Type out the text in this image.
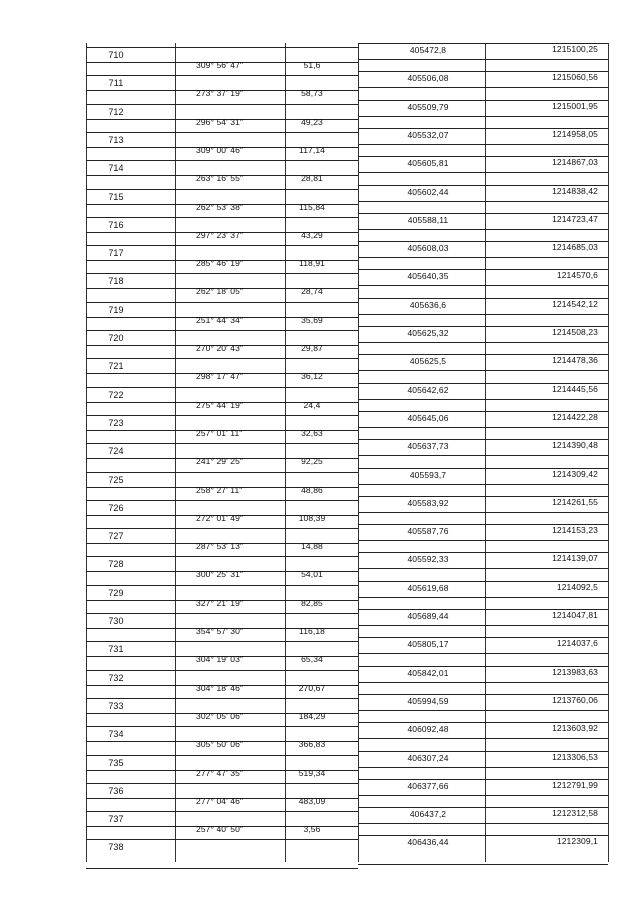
710	405472,8	1215100,25
711	405506,08	1215060,56
712	405509,79	1215001,95
713	405532,07	1214958,05
714	405605,81	1214867,03
715	405602,44	1214838,42
716	405588,11	1214723,47
717	405608,03	1214685,03
718	405640,35	1214570,6
719	405636,6	1214542,12
720	405625,32	1214508,23
721	405625,5	1214478,36
722	405642,62	1214445,56
723	405645,06	1214422,28
724	405637,73	1214390,48
725	405593,7	1214309,42
726	405583,92	1214261,55
727	405587,76	1214153,23
728	405592,33	1214139,07
729	405619,68	1214092,5
730	405689,44	1214047,81
731	405805,17	1214037,6
732	405842,01	1213983,63
733	405994,59	1213760,06
734	406092,48	1213603,92
735	406307,24	1213306,53
736	406377,66	1212791,99
737	406437,2	1212312,58
738	406436,44	1212309,1
309° 56' 47"	51,6
273° 37' 19"	58,73
296° 54' 31"	49,23
309° 00' 46"	117,14
263° 16' 55"	28,81
262° 53' 38"	115,84
297° 23' 37"	43,29
285° 46' 19"	118,91
262° 18' 05"	28,74
251° 44' 34"	35,69
270° 20' 43"	29,87
298° 17' 47"	36,12
275° 44' 19"	24,4
257° 01' 11"	32,63
241° 29' 25"	92,25
258° 27' 11"	48,86
272° 01' 49"	108,39
287° 53' 13"	14,88
300° 25' 31"	54,01
327° 21' 19"	82,85
354° 57' 30"	116,18
304° 19' 03"	65,34
304° 18' 46"	270,67
302° 05' 06"	184,29
305° 50' 06"	366,83
277° 47' 35"	519,34
277° 04' 46"	483,09
257° 40' 50"	3,56
